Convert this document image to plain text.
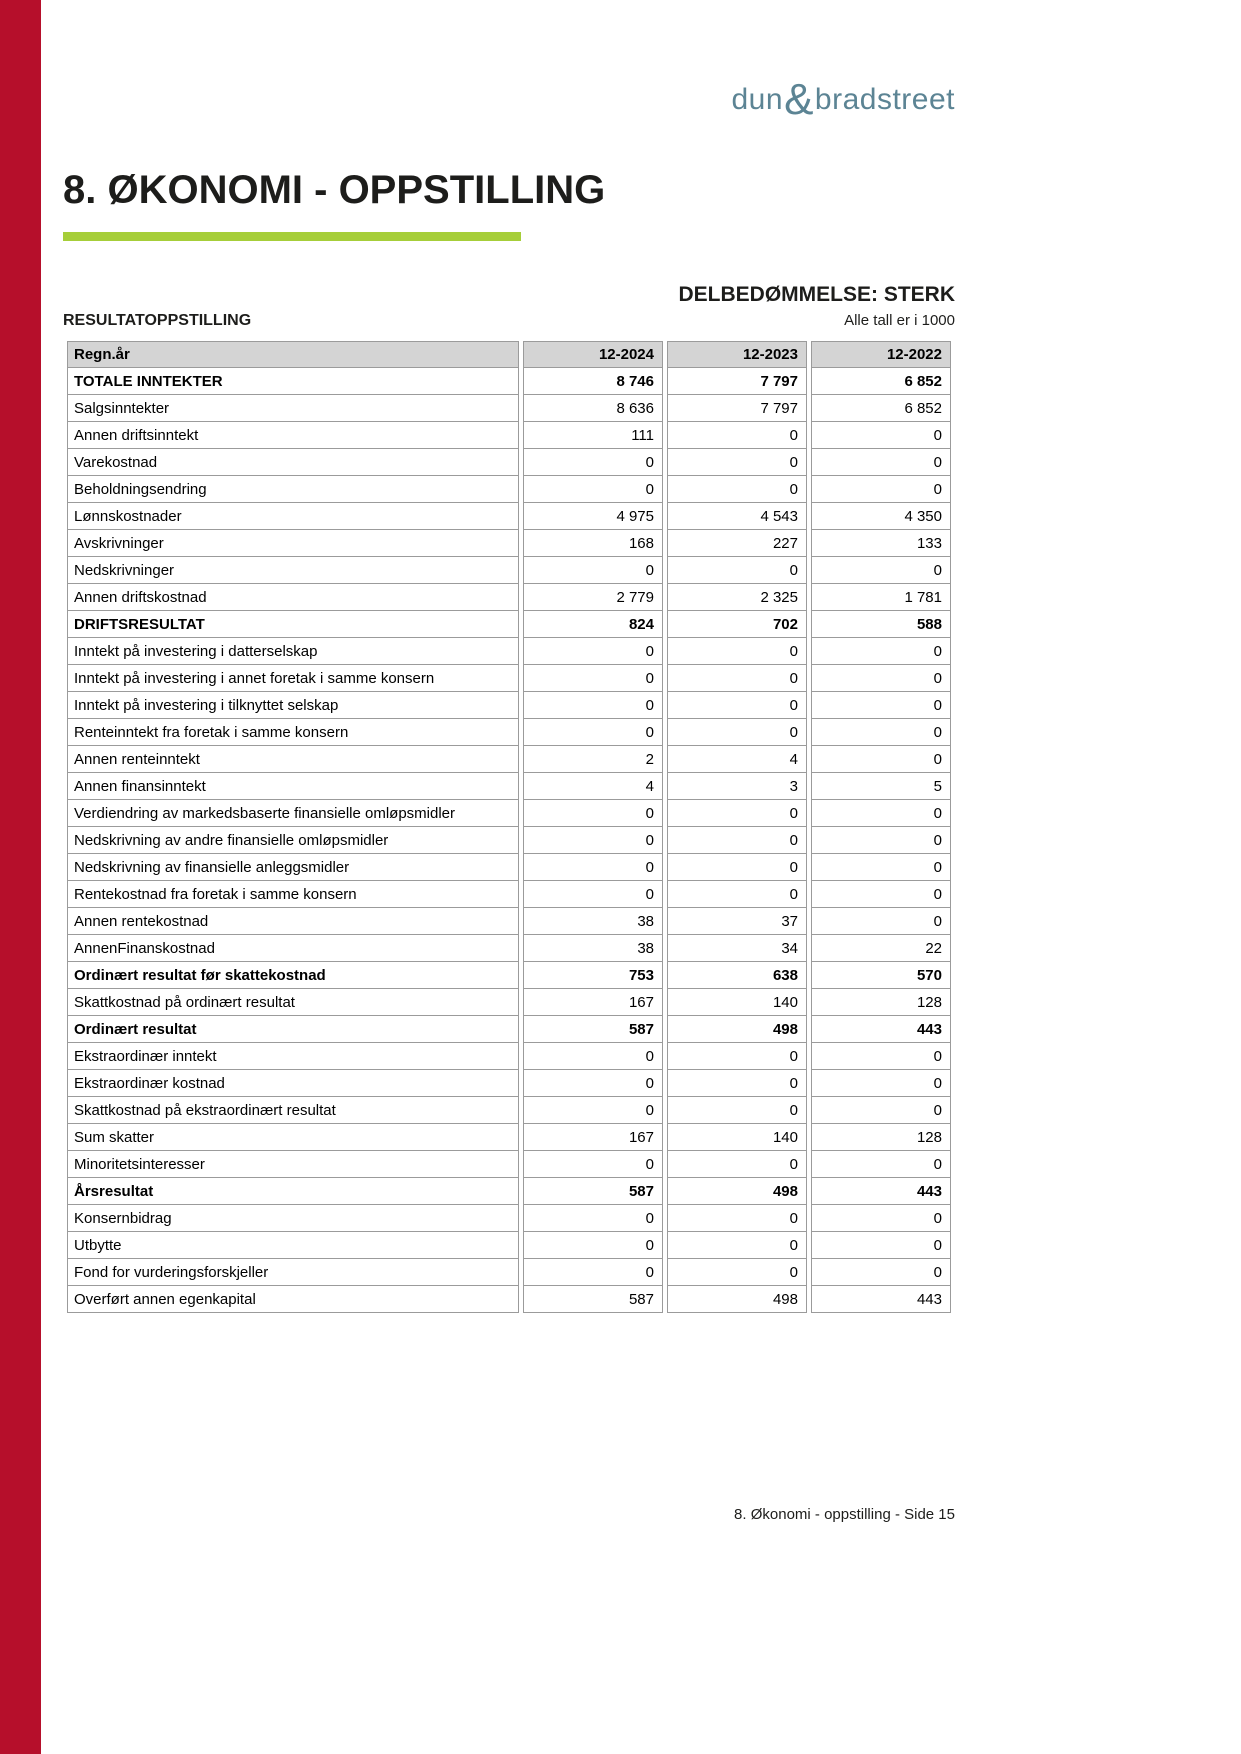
dun&bradstreet
8. ØKONOMI - OPPSTILLING
DELBEDØMMELSE: STERK
RESULTATOPPSTILLING	Alle tall er i 1000
Regn.år	12-2024	12-2023	12-2022
TOTALE INNTEKTER	8 746	7 797	6 852
Salgsinntekter	8 636	7 797	6 852
Annen driftsinntekt	111	0	0
Varekostnad	0	0	0
Beholdningsendring	0	0	0
Lønnskostnader	4 975	4 543	4 350
Avskrivninger	168	227	133
Nedskrivninger	0	0	0
Annen driftskostnad	2 779	2 325	1 781
DRIFTSRESULTAT	824	702	588
Inntekt på investering i datterselskap	0	0	0
Inntekt på investering i annet foretak i samme konsern	0	0	0
Inntekt på investering i tilknyttet selskap	0	0	0
Renteinntekt fra foretak i samme konsern	0	0	0
Annen renteinntekt	2	4	0
Annen finansinntekt	4	3	5
Verdiendring av markedsbaserte finansielle omløpsmidler	0	0	0
Nedskrivning av andre finansielle omløpsmidler	0	0	0
Nedskrivning av finansielle anleggsmidler	0	0	0
Rentekostnad fra foretak i samme konsern	0	0	0
Annen rentekostnad	38	37	0
AnnenFinanskostnad	38	34	22
Ordinært resultat før skattekostnad	753	638	570
Skattkostnad på ordinært resultat	167	140	128
Ordinært resultat	587	498	443
Ekstraordinær inntekt	0	0	0
Ekstraordinær kostnad	0	0	0
Skattkostnad på ekstraordinært resultat	0	0	0
Sum skatter	167	140	128
Minoritetsinteresser	0	0	0
Årsresultat	587	498	443
Konsernbidrag	0	0	0
Utbytte	0	0	0
Fond for vurderingsforskjeller	0	0	0
Overført annen egenkapital	587	498	443
8. Økonomi - oppstilling - Side 15
